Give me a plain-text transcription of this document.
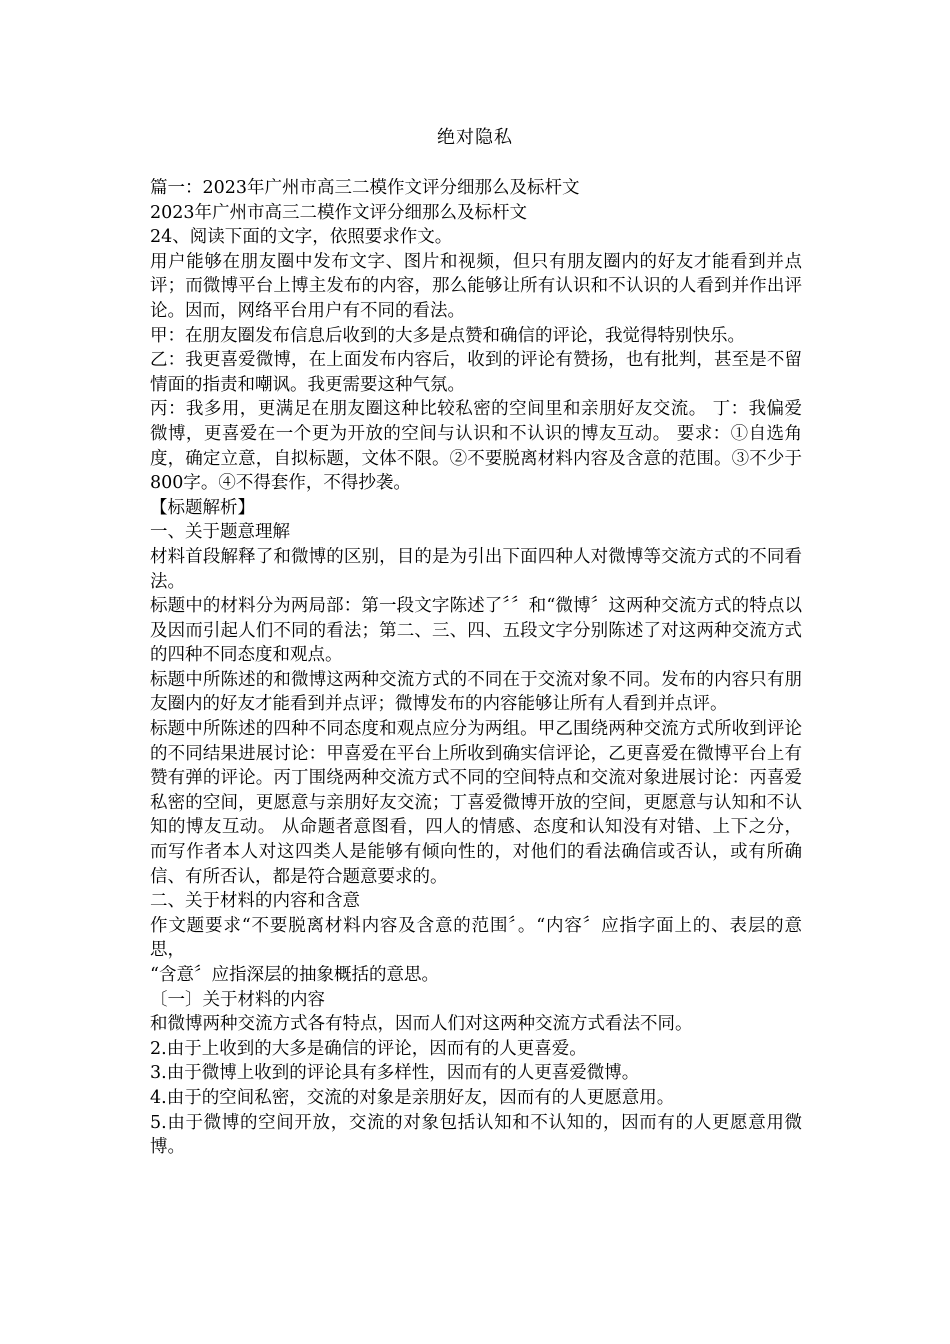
绝对隐私

篇一：2023年广州市高三二模作文评分细那么及标杆文

2023年广州市高三二模作文评分细那么及标杆文

24、阅读下面的文字，依照要求作文。

用户能够在朋友圈中发布文字、图片和视频，但只有朋友圈内的好友才能看到并点评；而微博平台上博主发布的内容，那么能够让所有认识和不认识的人看到并作出评论。因而，网络平台用户有不同的看法。

甲：在朋友圈发布信息后收到的大多是点赞和确信的评论，我觉得特别快乐。

乙：我更喜爱微博，在上面发布内容后，收到的评论有赞扬，也有批判，甚至是不留情面的指责和嘲讽。我更需要这种气氛。

丙：我多用，更满足在朋友圈这种比较私密的空间里和亲朋好友交流。 丁：我偏爱微博，更喜爱在一个更为开放的空间与认识和不认识的博友互动。 要求：①自选角度，确定立意，自拟标题，文体不限。②不要脱离材料内容及含意的范围。③不少于800字。④不得套作，不得抄袭。

【标题解析】

一、关于题意理解

材料首段解释了和微博的区别，目的是为引出下面四种人对微博等交流方式的不同看法。

标题中的材料分为两局部：第一段文字陈述了〞〞和“微博〞这两种交流方式的特点以及因而引起人们不同的看法；第二、三、四、五段文字分别陈述了对这两种交流方式的四种不同态度和观点。

标题中所陈述的和微博这两种交流方式的不同在于交流对象不同。发布的内容只有朋友圈内的好友才能看到并点评；微博发布的内容能够让所有人看到并点评。

标题中所陈述的四种不同态度和观点应分为两组。甲乙围绕两种交流方式所收到评论的不同结果进展讨论：甲喜爱在平台上所收到确实信评论，乙更喜爱在微博平台上有赞有弹的评论。丙丁围绕两种交流方式不同的空间特点和交流对象进展讨论：丙喜爱私密的空间，更愿意与亲朋好友交流；丁喜爱微博开放的空间，更愿意与认知和不认知的博友互动。 从命题者意图看，四人的情感、态度和认知没有对错、上下之分，而写作者本人对这四类人是能够有倾向性的，对他们的看法确信或否认，或有所确信、有所否认，都是符合题意要求的。

二、关于材料的内容和含意

作文题要求“不要脱离材料内容及含意的范围〞。“内容〞应指字面上的、表层的意思，

“含意〞应指深层的抽象概括的意思。

〔一〕关于材料的内容

和微博两种交流方式各有特点，因而人们对这两种交流方式看法不同。

2.由于上收到的大多是确信的评论，因而有的人更喜爱。

3.由于微博上收到的评论具有多样性，因而有的人更喜爱微博。

4.由于的空间私密，交流的对象是亲朋好友，因而有的人更愿意用。

5.由于微博的空间开放，交流的对象包括认知和不认知的，因而有的人更愿意用微博。
